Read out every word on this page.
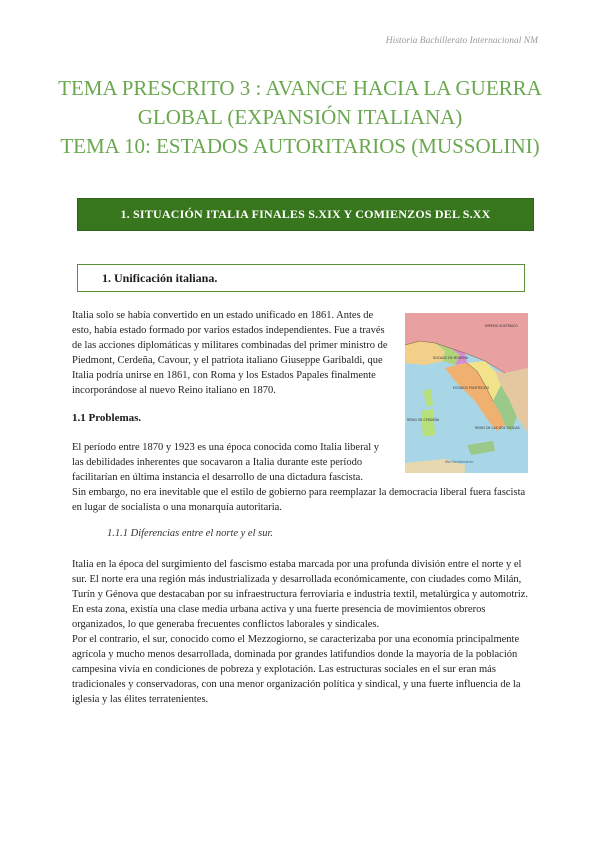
Historia Bachillerato Internacional NM
TEMA PRESCRITO 3 : AVANCE HACIA LA GUERRA
GLOBAL (EXPANSIÓN ITALIANA)
TEMA 10: ESTADOS AUTORITARIOS (MUSSOLINI)
1. SITUACIÓN ITALIA FINALES S.XIX Y COMIENZOS DEL S.XX
1. Unificación italiana.
Italia solo se había convertido en un estado unificado en 1861. Antes de esto, había estado formado por varios estados independientes. Fue a través de las acciones diplomáticas y militares combinadas del primer ministro de Piedmont, Cerdeña, Cavour, y el patriota italiano Giuseppe Garibaldi, que Italia podría unirse en 1861, con Roma y los Estados Papales finalmente incorporándose al nuevo Reino italiano en 1870.
IMPERIO AUSTRÍACO
DUCADO DE MÓDENA
ESTADOS PONTIFICIOS
REINO DE CERDEÑA
REINO DE LAS DOS SICILIAS
Mar Mediterráneo
1.1 Problemas.
El período entre 1870 y 1923 es una época conocida como Italia liberal y las debilidades inherentes que socavaron a Italia durante este período facilitarían en última instancia el desarrollo de una dictadura fascista.
Sin embargo, no era inevitable que el estilo de gobierno para reemplazar la democracia liberal fuera fascista en lugar de socialista o una monarquía autoritaria.
1.1.1 Diferencias entre el norte y el sur.
Italia en la época del surgimiento del fascismo estaba marcada por una profunda división entre el norte y el sur. El norte era una región más industrializada y desarrollada económicamente, con ciudades como Milán, Turín y Génova que destacaban por su infraestructura ferroviaria e industria textil, metalúrgica y automotriz. En esta zona, existía una clase media urbana activa y una fuerte presencia de movimientos obreros organizados, lo que generaba frecuentes conflictos laborales y sindicales.
Por el contrario, el sur, conocido como el Mezzogiorno, se caracterizaba por una economía principalmente agrícola y mucho menos desarrollada, dominada por grandes latifundios donde la mayoría de la población campesina vivía en condiciones de pobreza y explotación. Las estructuras sociales en el sur eran más tradicionales y conservadoras, con una menor organización política y sindical, y una fuerte influencia de la iglesia y las élites terratenientes.
